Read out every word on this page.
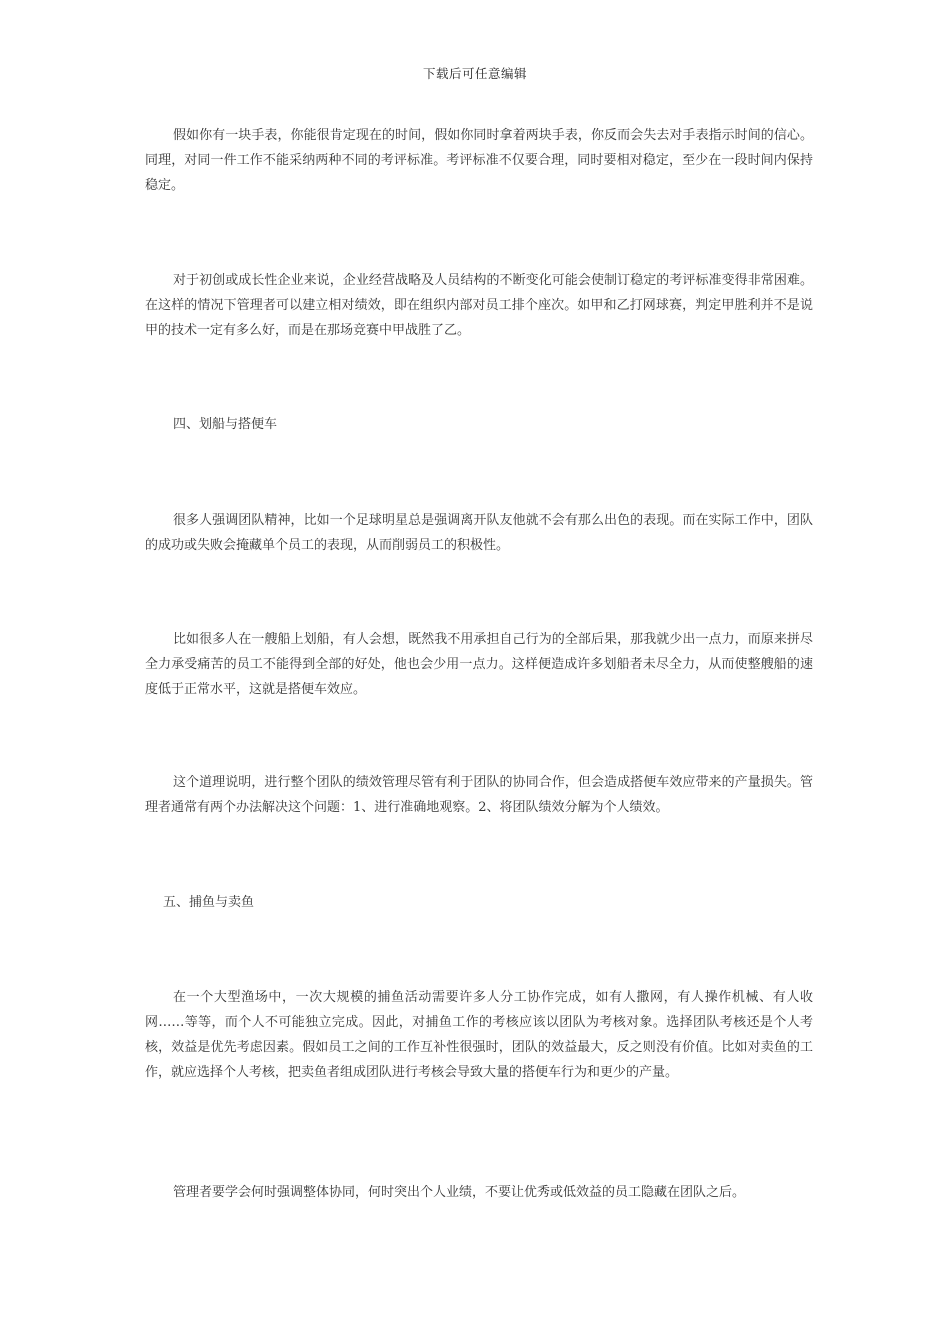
下载后可任意编辑

假如你有一块手表，你能很肯定现在的时间，假如你同时拿着两块手表，你反而会失去对手表指示时间的信心。同理，对同一件工作不能采纳两种不同的考评标准。考评标准不仅要合理，同时要相对稳定，至少在一段时间内保持稳定。

对于初创或成长性企业来说，企业经营战略及人员结构的不断变化可能会使制订稳定的考评标准变得非常困难。在这样的情况下管理者可以建立相对绩效，即在组织内部对员工排个座次。如甲和乙打网球赛，判定甲胜利并不是说甲的技术一定有多么好，而是在那场竞赛中甲战胜了乙。

四、划船与搭便车

很多人强调团队精神，比如一个足球明星总是强调离开队友他就不会有那么出色的表现。而在实际工作中，团队的成功或失败会掩藏单个员工的表现，从而削弱员工的积极性。

比如很多人在一艘船上划船，有人会想，既然我不用承担自己行为的全部后果，那我就少出一点力，而原来拼尽全力承受痛苦的员工不能得到全部的好处，他也会少用一点力。这样便造成许多划船者未尽全力，从而使整艘船的速度低于正常水平，这就是搭便车效应。

这个道理说明，进行整个团队的绩效管理尽管有利于团队的协同合作，但会造成搭便车效应带来的产量损失。管理者通常有两个办法解决这个问题：1、进行准确地观察。2、将团队绩效分解为个人绩效。

五、捕鱼与卖鱼

在一个大型渔场中，一次大规模的捕鱼活动需要许多人分工协作完成，如有人撒网，有人操作机械、有人收网……等等，而个人不可能独立完成。因此，对捕鱼工作的考核应该以团队为考核对象。选择团队考核还是个人考核，效益是优先考虑因素。假如员工之间的工作互补性很强时，团队的效益最大，反之则没有价值。比如对卖鱼的工作，就应选择个人考核，把卖鱼者组成团队进行考核会导致大量的搭便车行为和更少的产量。

管理者要学会何时强调整体协同，何时突出个人业绩，不要让优秀或低效益的员工隐藏在团队之后。
